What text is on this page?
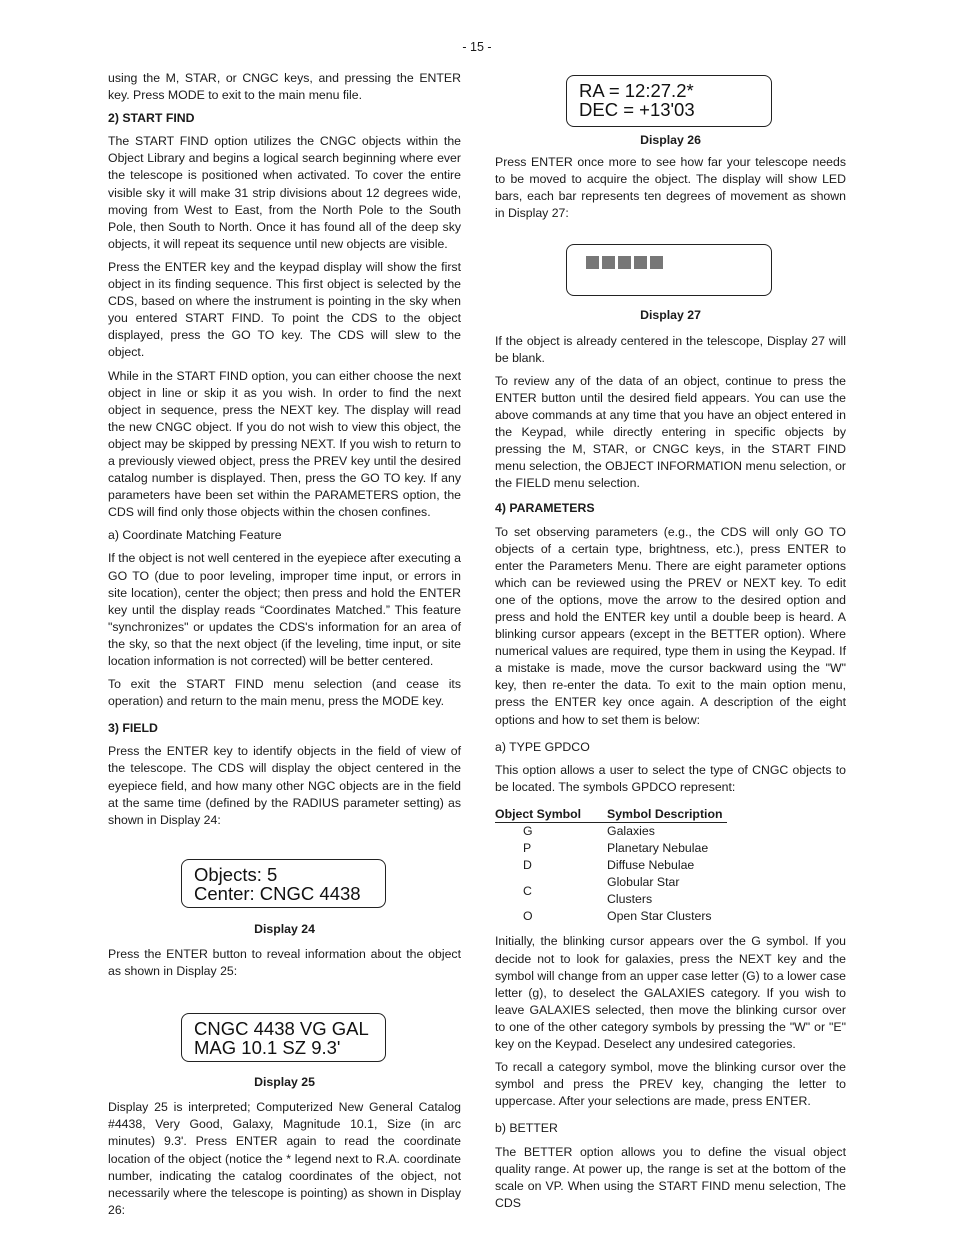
- 15 -

using the M, STAR, or CNGC keys, and pressing the ENTER key. Press MODE to exit to the main menu file.

2) START FIND

The START FIND option utilizes the CNGC objects within the Object Library and begins a logical search beginning where ever the telescope is positioned when activated. To cover the entire visible sky it will make 31 strip divisions about 12 degrees wide, moving from West to East, from the North Pole to the South Pole, then South to North. Once it has found all of the deep sky objects, it will repeat its sequence until new objects are visible.

Press the ENTER key and the keypad display will show the first object in its finding sequence. This first object is selected by the CDS, based on where the instrument is pointing in the sky when you entered START FIND. To point the CDS to the object displayed, press the GO TO key. The CDS will slew to the object.

While in the START FIND option, you can either choose the next object in line or skip it as you wish. In order to find the next object in sequence, press the NEXT key. The display will read the new CNGC object. If you do not wish to view this object, the object may be skipped by pressing NEXT. If you wish to return to a previously viewed object, press the PREV key until the desired catalog number is displayed. Then, press the GO TO key. If any parameters have been set within the PARAMETERS option, the CDS will find only those objects within the chosen confines.

a) Coordinate Matching Feature

If the object is not well centered in the eyepiece after executing a GO TO (due to poor leveling, improper time input, or errors in site location), center the object; then press and hold the ENTER key until the display reads “Coordinates Matched.” This feature "synchronizes" or updates the CDS's information for an area of the sky, so that the next object (if the leveling, time input, or site location information is not corrected) will be better centered.

To exit the START FIND menu selection (and cease its operation) and return to the main menu, press the MODE key.

3) FIELD

Press the ENTER key to identify objects in the field of view of the telescope. The CDS will display the object centered in the eyepiece field, and how many other NGC objects are in the field at the same time (defined by the RADIUS parameter setting) as shown in Display 24:

Objects: 5
Center: CNGC 4438
Display 24

Press the ENTER button to reveal information about the object as shown in Display 25:

CNGC 4438 VG GAL
MAG 10.1 SZ 9.3'
Display 25

Display 25 is interpreted; Computerized New General Catalog #4438, Very Good, Galaxy, Magnitude 10.1, Size (in arc minutes) 9.3'. Press ENTER again to read the coordinate location of the object (notice the * legend next to R.A. coordinate number, indicating the catalog coordinates of the object, not necessarily where the telescope is pointing) as shown in Display 26:

RA = 12:27.2*
DEC = +13'03
Display 26

Press ENTER once more to see how far your telescope needs to be moved to acquire the object. The display will show LED bars, each bar represents ten degrees of movement as shown in Display 27:

Display 27

If the object is already centered in the telescope, Display 27 will be blank.

To review any of the data of an object, continue to press the ENTER button until the desired field appears. You can use the above commands at any time that you have an object entered in the Keypad, while directly entering in specific objects by pressing the M, STAR, or CNGC keys, in the START FIND menu selection, the OBJECT INFORMATION menu selection, or the FIELD menu selection.

4) PARAMETERS

To set observing parameters (e.g., the CDS will only GO TO objects of a certain type, brightness, etc.), press ENTER to enter the Parameters Menu. There are eight parameter options which can be reviewed using the PREV or NEXT key. To edit one of the options, move the arrow to the desired option and press and hold the ENTER key until a double beep is heard. A blinking cursor appears (except in the BETTER option). Where numerical values are required, type them in using the Keypad. If a mistake is made, move the cursor backward using the "W" key, then re-enter the data. To exit to the main option menu, press the ENTER key once again. A description of the eight options and how to set them is below:

a) TYPE GPDCO

This option allows a user to select the type of CNGC objects to be located. The symbols GPDCO represent:

Object Symbol	Symbol Description
G	Galaxies
P	Planetary Nebulae
D	Diffuse Nebulae
C	Globular Star Clusters
O	Open Star Clusters

Initially, the blinking cursor appears over the G symbol. If you decide not to look for galaxies, press the NEXT key and the symbol will change from an upper case letter (G) to a lower case letter (g), to deselect the GALAXIES category. If you wish to leave GALAXIES selected, then move the blinking cursor over to one of the other category symbols by pressing the "W" or "E" key on the Keypad. Deselect any undesired categories.

To recall a category symbol, move the blinking cursor over the symbol and press the PREV key, changing the letter to uppercase. After your selections are made, press ENTER.

b) BETTER

The BETTER option allows you to define the visual object quality range. At power up, the range is set at the bottom of the scale on VP. When using the START FIND menu selection, The CDS
